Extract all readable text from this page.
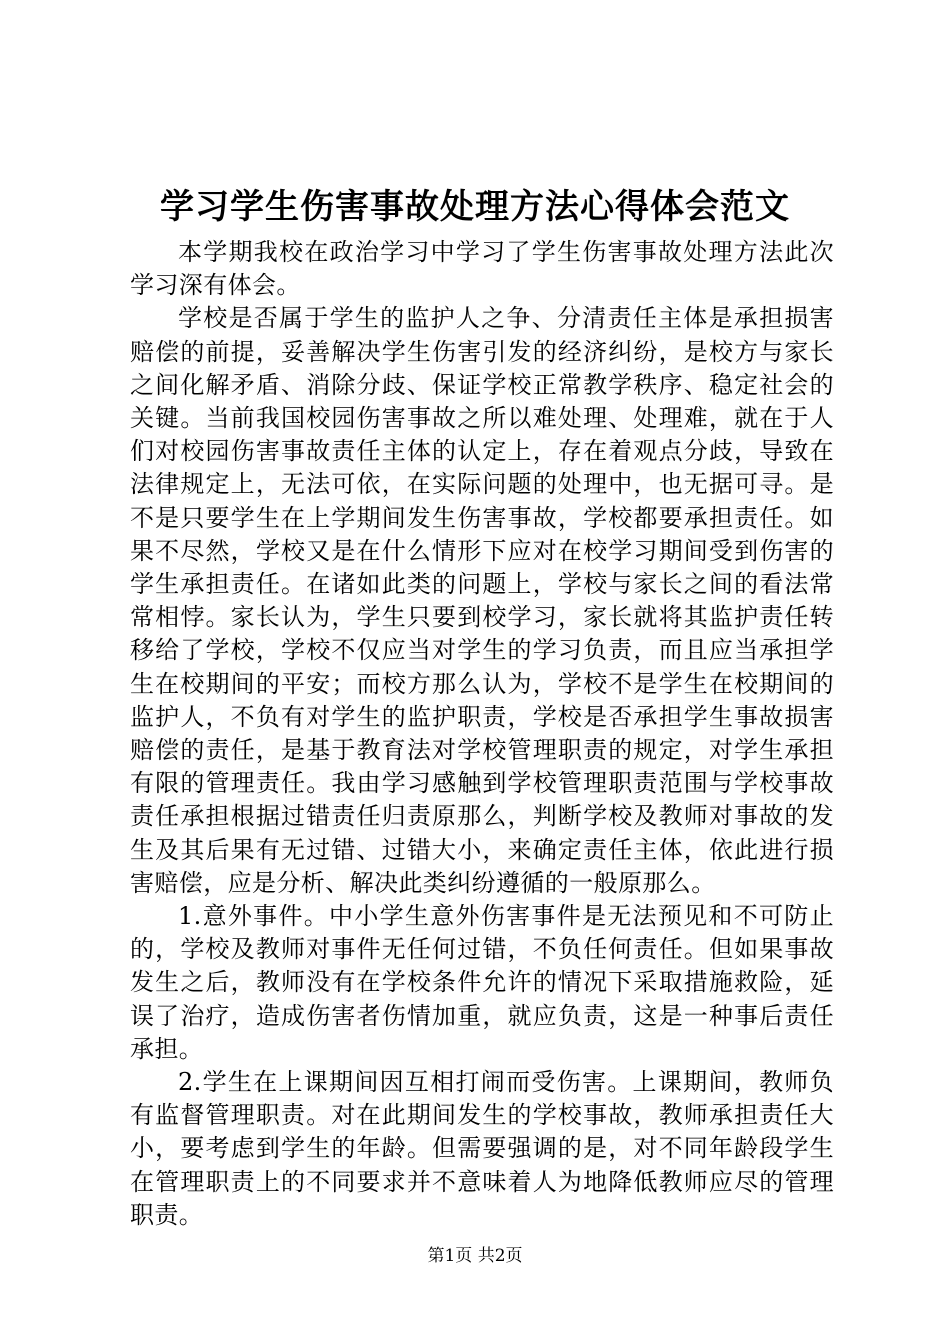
学习学生伤害事故处理方法心得体会范文

本学期我校在政治学习中学习了学生伤害事故处理方法此次学习深有体会。

学校是否属于学生的监护人之争、分清责任主体是承担损害赔偿的前提，妥善解决学生伤害引发的经济纠纷，是校方与家长之间化解矛盾、消除分歧、保证学校正常教学秩序、稳定社会的关键。当前我国校园伤害事故之所以难处理、处理难，就在于人们对校园伤害事故责任主体的认定上，存在着观点分歧，导致在法律规定上，无法可依，在实际问题的处理中，也无据可寻。是不是只要学生在上学期间发生伤害事故，学校都要承担责任。如果不尽然，学校又是在什么情形下应对在校学习期间受到伤害的学生承担责任。在诸如此类的问题上，学校与家长之间的看法常常相悖。家长认为，学生只要到校学习，家长就将其监护责任转移给了学校，学校不仅应当对学生的学习负责，而且应当承担学生在校期间的平安；而校方那么认为，学校不是学生在校期间的监护人，不负有对学生的监护职责，学校是否承担学生事故损害赔偿的责任，是基于教育法对学校管理职责的规定，对学生承担有限的管理责任。我由学习感触到学校管理职责范围与学校事故责任承担根据过错责任归责原那么，判断学校及教师对事故的发生及其后果有无过错、过错大小，来确定责任主体，依此进行损害赔偿，应是分析、解决此类纠纷遵循的一般原那么。

1.意外事件。中小学生意外伤害事件是无法预见和不可防止的，学校及教师对事件无任何过错，不负任何责任。但如果事故发生之后，教师没有在学校条件允许的情况下采取措施救险，延误了治疗，造成伤害者伤情加重，就应负责，这是一种事后责任承担。

2.学生在上课期间因互相打闹而受伤害。上课期间，教师负有监督管理职责。对在此期间发生的学校事故，教师承担责任大小，要考虑到学生的年龄。但需要强调的是，对不同年龄段学生在管理职责上的不同要求并不意味着人为地降低教师应尽的管理职责。

第1页 共2页
